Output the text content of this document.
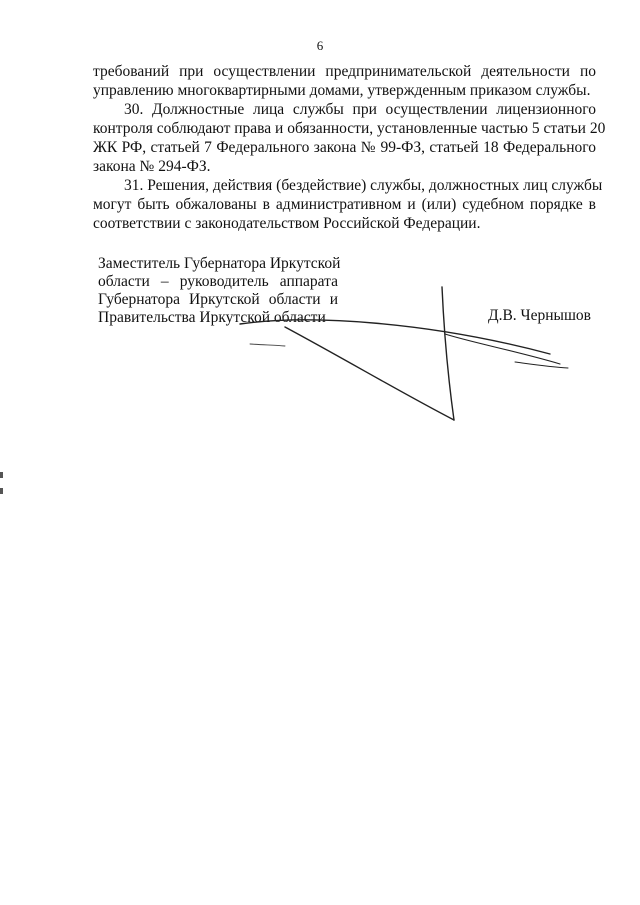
6
требований при осуществлении предпринимательской деятельности по
управлению многоквартирными домами, утвержденным приказом службы.
30. Должностные лица службы при осуществлении лицензионного
контроля соблюдают права и обязанности, установленные частью 5 статьи 20
ЖК РФ, статьей 7 Федерального закона № 99-ФЗ, статьей 18 Федерального
закона № 294-ФЗ.
31. Решения, действия (бездействие) службы, должностных лиц службы
могут быть обжалованы в административном и (или) судебном порядке в
соответствии с законодательством Российской Федерации.
Заместитель Губернатора Иркутской
области – руководитель аппарата
Губернатора Иркутской области и
Правительства Иркутской области	Д.В. Чернышов
